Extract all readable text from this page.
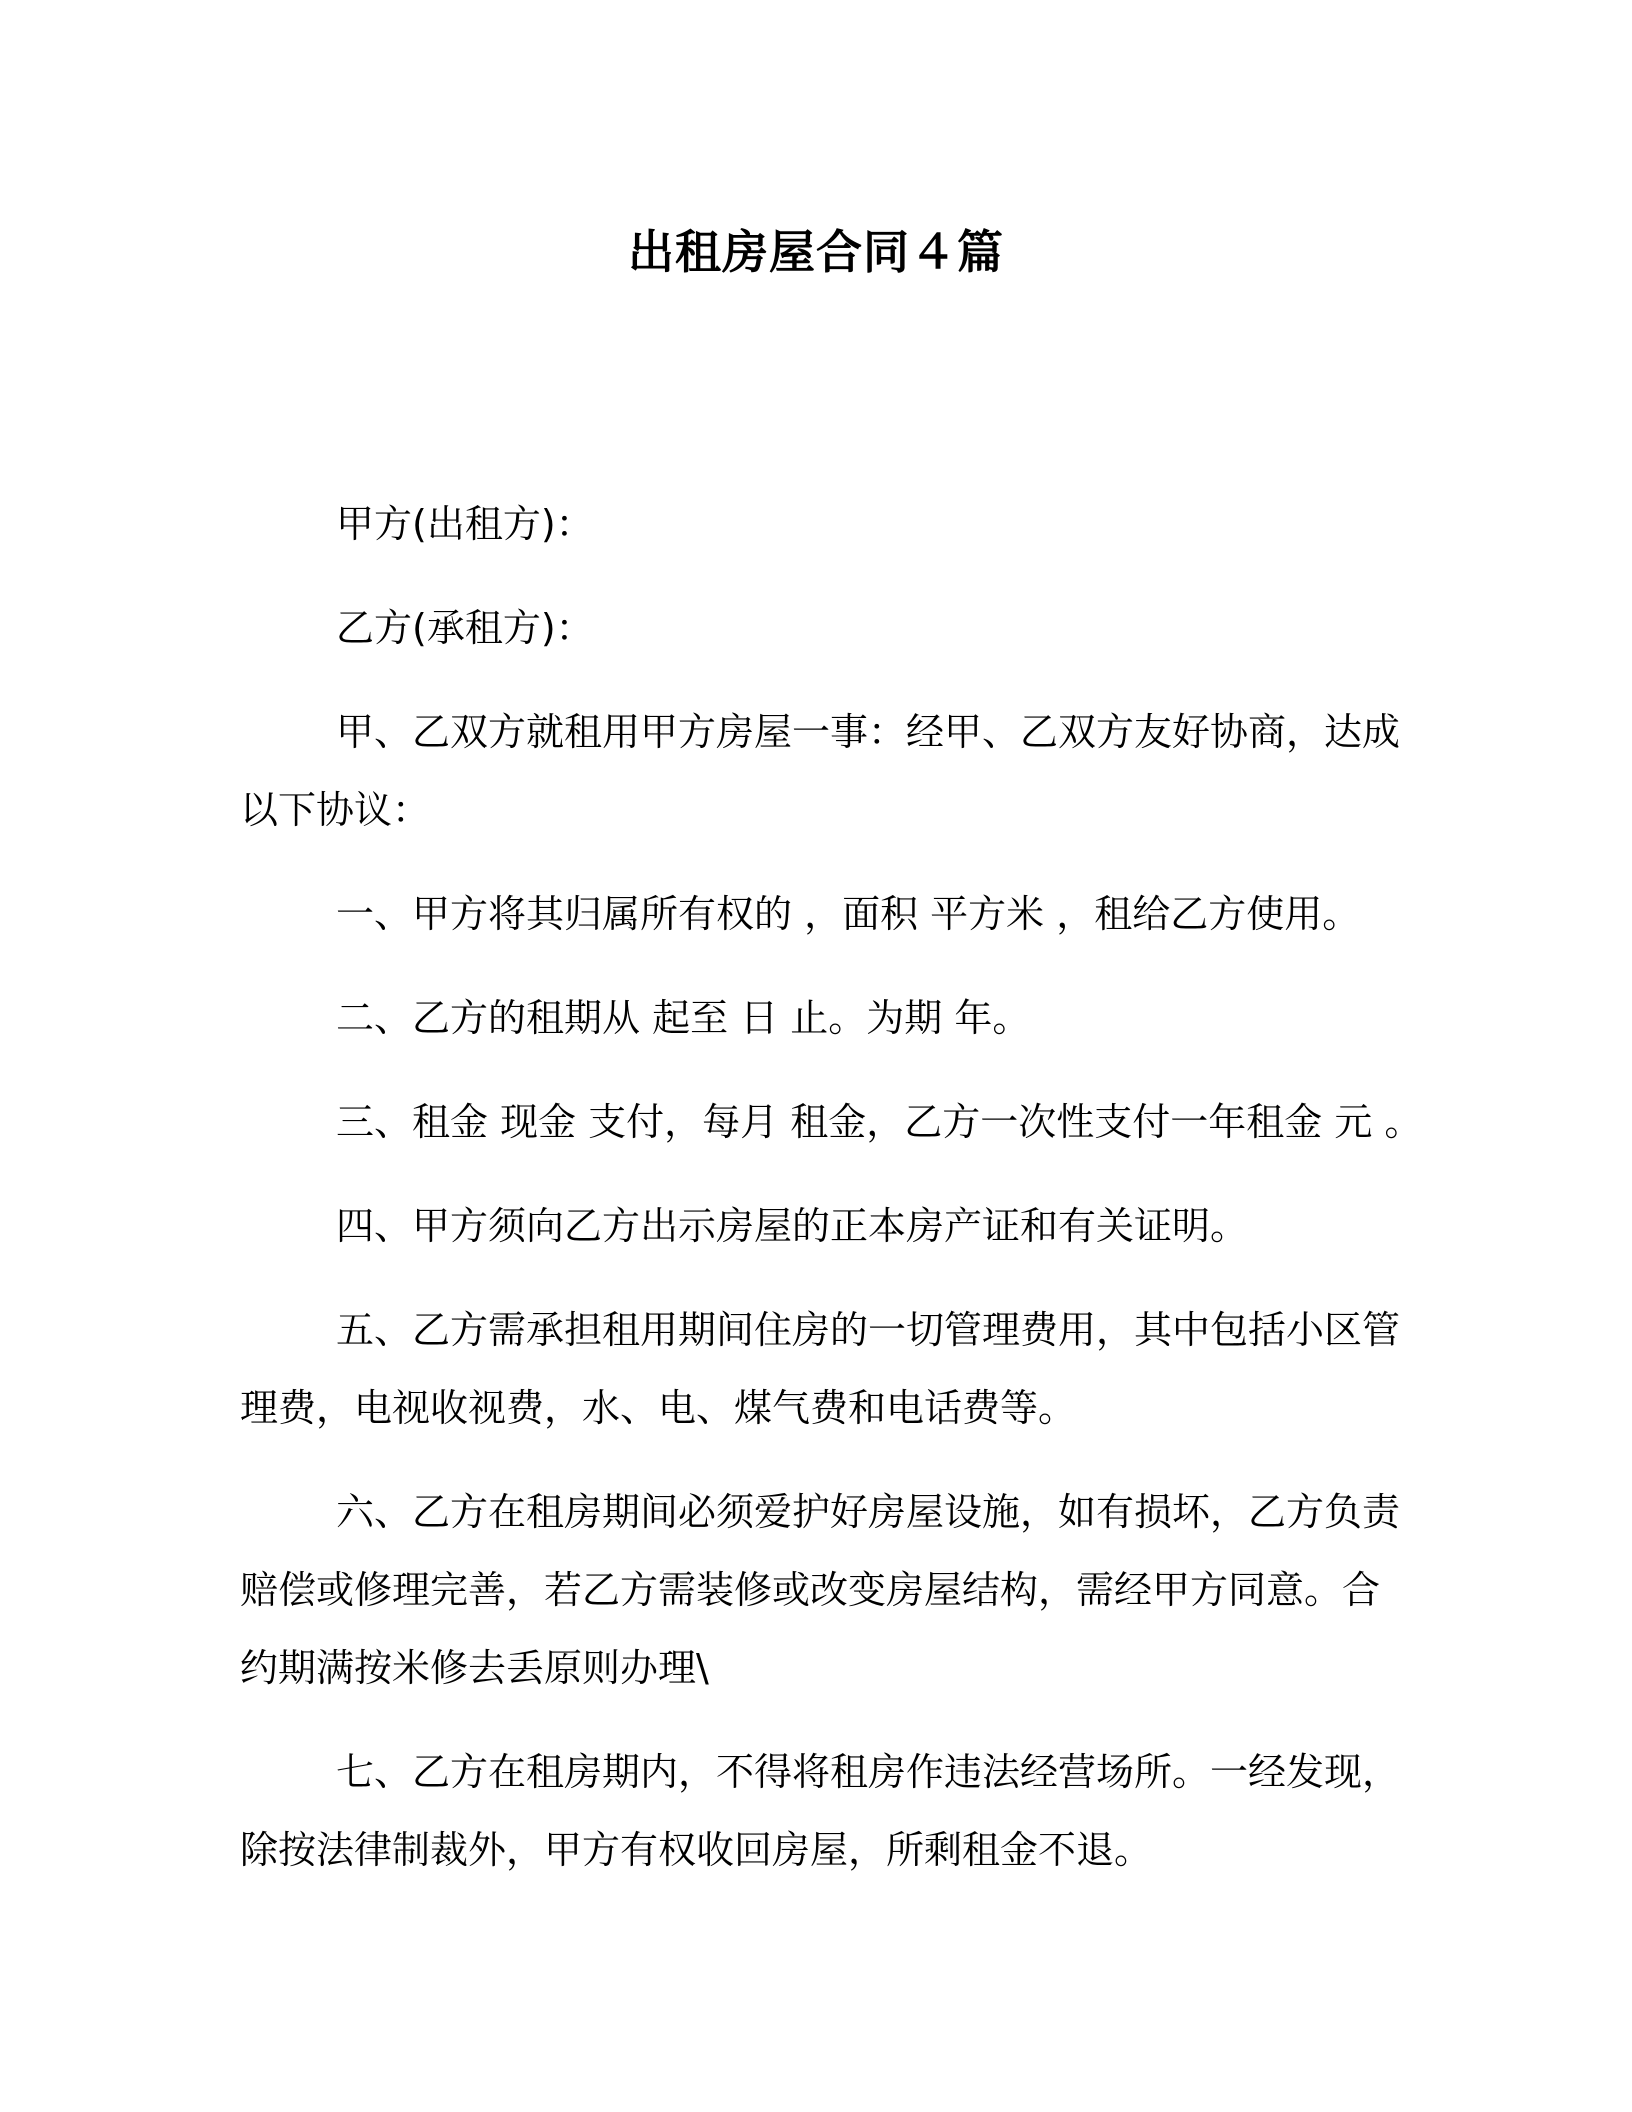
出租房屋合同４篇

甲方(出租方)：

乙方(承租方)：

甲、乙双方就租用甲方房屋一事：经甲、乙双方友好协商，达成
以下协议：

一、甲方将其归属所有权的 ，面积 平方米 ，租给乙方使用。

二、乙方的租期从 起至 日 止。为期 年。

三、租金 现金 支付，每月 租金，乙方一次性支付一年租金 元 。

四、甲方须向乙方出示房屋的正本房产证和有关证明。

五、乙方需承担租用期间住房的一切管理费用，其中包括小区管
理费，电视收视费，水、电、煤气费和电话费等。

六、乙方在租房期间必须爱护好房屋设施，如有损坏，乙方负责
赔偿或修理完善，若乙方需装修或改变房屋结构，需经甲方同意。合
约期满按米修去丢原则办理\

七、乙方在租房期内，不得将租房作违法经营场所。一经发现，
除按法律制裁外，甲方有权收回房屋，所剩租金不退。
